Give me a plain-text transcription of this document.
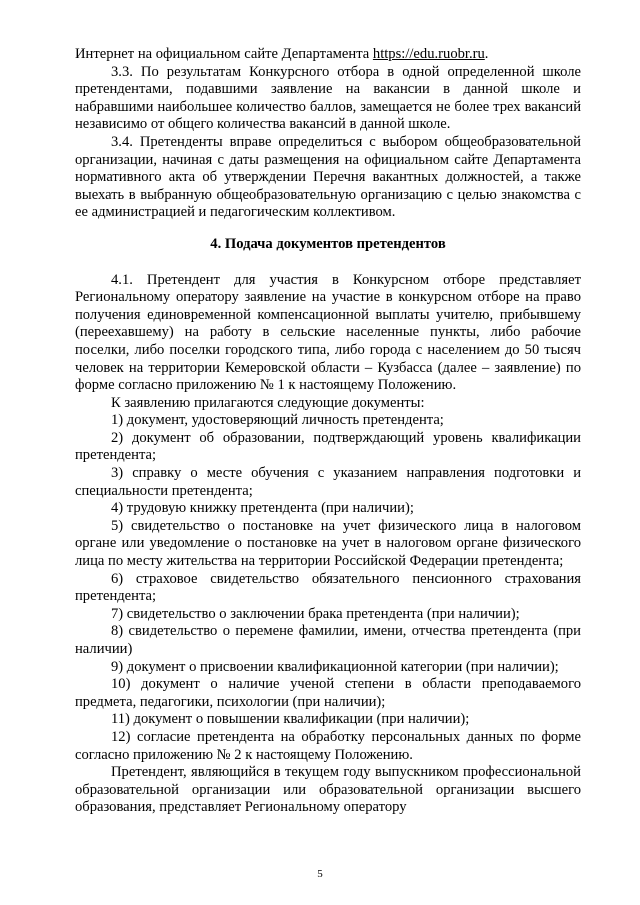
Интернет на официальном сайте Департамента https://edu.ruobr.ru.

3.3. По результатам Конкурсного отбора в одной определенной школе претендентами, подавшими заявление на вакансии в данной школе и набравшими наибольшее количество баллов, замещается не более трех вакансий независимо от общего количества вакансий в данной школе.

3.4. Претенденты вправе определиться с выбором общеобразовательной организации, начиная с даты размещения на официальном сайте Департамента нормативного акта об утверждении Перечня вакантных должностей, а также выехать в выбранную общеобразовательную организацию с целью знакомства с ее администрацией и педагогическим коллективом.

4. Подача документов претендентов

4.1. Претендент для участия в Конкурсном отборе представляет Региональному оператору заявление на участие в конкурсном отборе на право получения единовременной компенсационной выплаты учителю, прибывшему (переехавшему) на работу в сельские населенные пункты, либо рабочие поселки, либо поселки городского типа, либо города с населением до 50 тысяч человек на территории Кемеровской области – Кузбасса (далее – заявление) по форме согласно приложению № 1 к настоящему Положению.

К заявлению прилагаются следующие документы:

1) документ, удостоверяющий личность претендента;

2) документ об образовании, подтверждающий уровень квалификации претендента;

3) справку о месте обучения с указанием направления подготовки и специальности претендента;

4) трудовую книжку претендента (при наличии);

5) свидетельство о постановке на учет физического лица в налоговом органе или уведомление о постановке на учет в налоговом органе физического лица по месту жительства на территории Российской Федерации претендента;

6) страховое свидетельство обязательного пенсионного страхования претендента;

7) свидетельство о заключении брака претендента (при наличии);

8) свидетельство о перемене фамилии, имени, отчества претендента (при наличии)

9) документ о присвоении квалификационной категории (при наличии);

10) документ о наличие ученой степени в области преподаваемого предмета, педагогики, психологии (при наличии);

11) документ о повышении квалификации (при наличии);

12) согласие претендента на обработку персональных данных по форме согласно приложению № 2 к настоящему Положению.

Претендент, являющийся в текущем году выпускником профессиональной образовательной организации или образовательной организации высшего образования, представляет Региональному оператору

5
